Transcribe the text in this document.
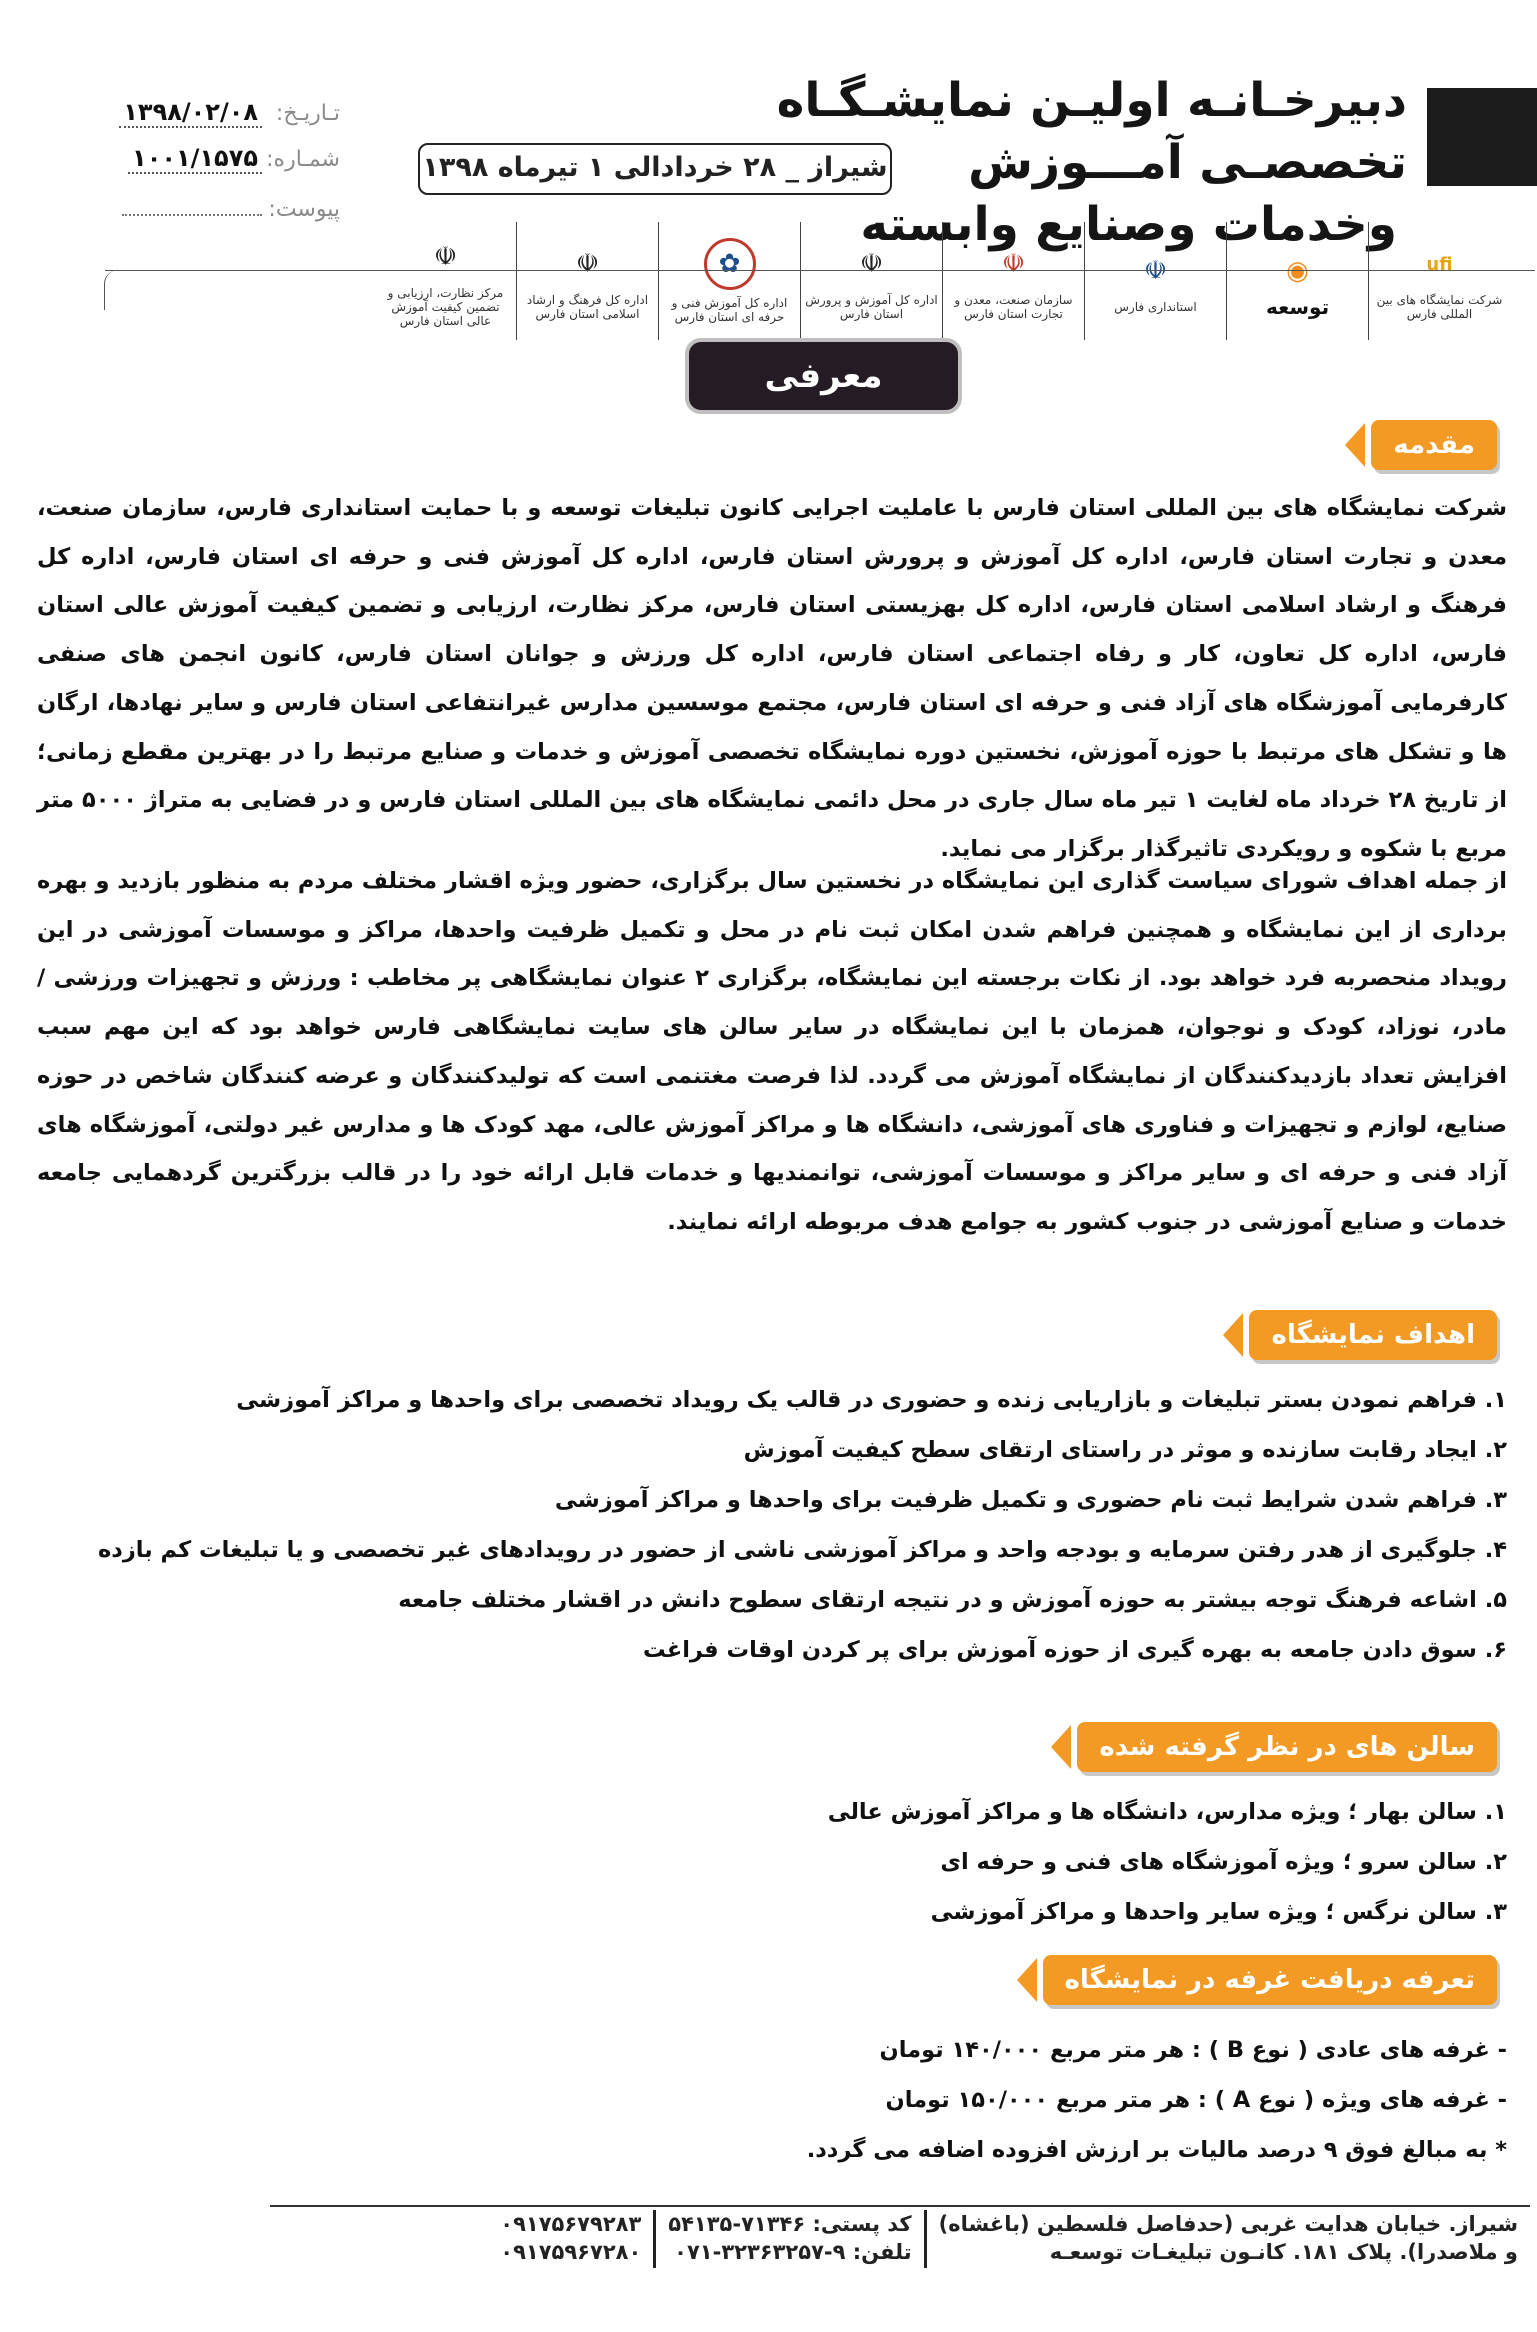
دبیرخـانـه اولیـن نمایشـگـاه تخصصـی آمـــوزش
وخدمات وصنایع وابسته
شیراز _ ۲۸ خردادالی ۱ تیرماه ۱۳۹۸
تـاریـخ:
۱۳۹۸/۰۲/۰۸
شمـاره:
۱۰۰۱/۱۵۷۵
پیوست:
ufi
شرکت نمایشگاه های بین المللی فارس
◉
توسعه
☫
استانداری فارس
☫
سازمان صنعت، معدن و تجارت استان فارس
☫
اداره کل آموزش و پرورش استان فارس
✿
اداره کل آموزش فنی و حرفه ای استان فارس
☫
اداره کل فرهنگ و ارشاد اسلامی استان فارس
☫
مرکز نظارت، ارزیابی و تضمین کیفیت آموزش عالی استان فارس
معرفی نمایشگاه	مقدمه
شرکت نمایشگاه های بین المللی استان فارس با عاملیت اجرایی کانون تبلیغات توسعه و با حمایت استانداری فارس، سازمان صنعت، معدن و تجارت استان فارس، اداره کل آموزش و پرورش استان فارس، اداره کل آموزش فنی و حرفه ای استان فارس، اداره کل فرهنگ و ارشاد اسلامی استان فارس، اداره کل بهزیستی استان فارس، مرکز نظارت، ارزیابی و تضمین کیفیت آموزش عالی استان فارس، اداره کل تعاون، کار و رفاه اجتماعی استان فارس، اداره کل ورزش و جوانان استان فارس، کانون انجمن های صنفی کارفرمایی آموزشگاه های آزاد فنی و حرفه ای استان فارس، مجتمع موسسین مدارس غیرانتفاعی استان فارس و سایر نهادها، ارگان ها و تشکل های مرتبط با حوزه آموزش، نخستین دوره نمایشگاه تخصصی آموزش و خدمات و صنایع مرتبط را در بهترین مقطع زمانی؛ از تاریخ ۲۸ خرداد ماه لغایت ۱ تیر ماه سال جاری در محل دائمی نمایشگاه های بین المللی استان فارس و در فضایی به متراژ ۵۰۰۰ متر مربع با شکوه و رویکردی تاثیرگذار برگزار می نماید.
از جمله اهداف شورای سیاست گذاری این نمایشگاه در نخستین سال برگزاری، حضور ویژه اقشار مختلف مردم به منظور بازدید و بهره برداری از این نمایشگاه و همچنین فراهم شدن امکان ثبت نام در محل و تکمیل ظرفیت واحدها، مراکز و موسسات آموزشی در این رویداد منحصربه فرد خواهد بود. از نکات برجسته این نمایشگاه، برگزاری ۲ عنوان نمایشگاهی پر مخاطب : ورزش و تجهیزات ورزشی / مادر، نوزاد، کودک و نوجوان، همزمان با این نمایشگاه در سایر سالن های سایت نمایشگاهی فارس خواهد بود که این مهم سبب افزایش تعداد بازدیدکنندگان از نمایشگاه آموزش می گردد. لذا فرصت مغتنمی است که تولیدکنندگان و عرضه کنندگان شاخص در حوزه صنایع، لوازم و تجهیزات و فناوری های آموزشی، دانشگاه ها و مراکز آموزش عالی، مهد کودک ها و مدارس غیر دولتی، آموزشگاه های آزاد فنی و حرفه ای و سایر مراکز و موسسات آموزشی، توانمندیها و خدمات قابل ارائه خود را در قالب بزرگترین گردهمایی جامعه خدمات و صنایع آموزشی در جنوب کشور به جوامع هدف مربوطه ارائه نمایند.
اهداف نمایشگاه
۱. فراهم نمودن بستر تبلیغات و بازاریابی زنده و حضوری در قالب یک رویداد تخصصی برای واحدها و مراکز آموزشی
۲. ایجاد رقابت سازنده و موثر در راستای ارتقای سطح کیفیت آموزش
۳. فراهم شدن شرایط ثبت نام حضوری و تکمیل ظرفیت برای واحدها و مراکز آموزشی
۴. جلوگیری از هدر رفتن سرمایه و بودجه واحد و مراکز آموزشی ناشی از حضور در رویدادهای غیر تخصصی و یا تبلیغات کم بازده
۵. اشاعه فرهنگ توجه بیشتر به حوزه آموزش و در نتیجه ارتقای سطوح دانش در اقشار مختلف جامعه
۶. سوق دادن جامعه به بهره گیری از حوزه آموزش برای پر کردن اوقات فراغت
سالن های در نظر گرفته شده
۱. سالن بهار ؛ ویژه مدارس، دانشگاه ها و مراکز آموزش عالی
۲. سالن سرو ؛ ویژه آموزشگاه های فنی و حرفه ای
۳. سالن نرگس ؛ ویژه سایر واحدها و مراکز آموزشی
تعرفه دریافت غرفه در نمایشگاه
- غرفه های عادی ( نوع B ) : هر متر مربع ۱۴۰/۰۰۰ تومان
- غرفه های ویژه ( نوع A ) : هر متر مربع ۱۵۰/۰۰۰ تومان
* به مبالغ فوق ۹ درصد مالیات بر ارزش افزوده اضافه می گردد.
شیراز. خیابان هدایت غربی (حدفاصل فلسطین (باغشاه)
و ملاصدرا). پلاک ۱۸۱. کانـون تبلیغـات توسعـه
کد پستی: ۷۱۳۴۶-۵۴۱۳۵
تلفن: ۹-۳۲۳۶۳۲۵۷-۰۷۱
۰۹۱۷۵۶۷۹۲۸۳
۰۹۱۷۵۹۶۷۲۸۰
